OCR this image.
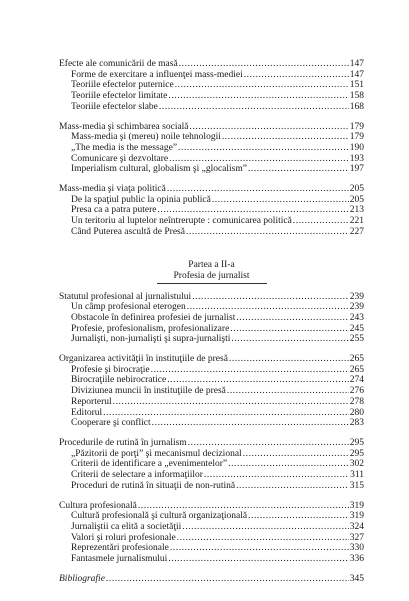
Efecte ale comunicării de masă . . .	147
Forme de exercitare a influenţei mass-mediei . . .	147
Teoriile efectelor puternice . . .	151
Teoriile efectelor limitate . . .	158
Teoriile efectelor slabe . . .	168
Mass-media şi schimbarea socială . . .	179
Mass-media şi (mereu) noile tehnologii . . .	179
„The media is the message” . . .	190
Comunicare şi dezvoltare . . .	193
Imperialism cultural, globalism şi „glocalism” . . .	197
Mass-media şi viaţa politică . . .	205
De la spaţiul public la opinia publică . . .	205
Presa ca a patra putere . . .	213
Un teritoriu al luptelor neîntrerupte : comunicarea politică . . .	221
Când Puterea ascultă de Presă . . .	227
Partea a II-a
Profesia de jurnalist
Statutul profesional al jurnalistului . . .	239
Un câmp profesional eterogen . . .	239
Obstacole în definirea profesiei de jurnalist . . .	243
Profesie, profesionalism, profesionalizare . . .	245
Jurnalişti, non-jurnalişti şi supra-jurnalişti . . .	255
Organizarea activităţii în instituţiile de presă . . .	265
Profesie şi birocraţie . . .	265
Birocraţiile nebirocratice . . .	274
Diviziunea muncii în instituţiile de presă . . .	276
Reporterul . . .	278
Editorul . . .	280
Cooperare şi conflict . . .	283
Procedurile de rutină în jurnalism . . .	295
„Păzitorii de porţi” şi mecanismul decizional . . .	295
Criterii de identificare a „evenimentelor” . . .	302
Criterii de selectare a informaţiilor . . .	311
Proceduri de rutină în situaţii de non-rutină . . .	315
Cultura profesională . . .	319
Cultură profesională şi cultură organizaţională . . .	319
Jurnaliştii ca elită a societăţii . . .	324
Valori şi roluri profesionale . . .	327
Reprezentări profesionale . . .	330
Fantasmele jurnalismului . . .	336
Bibliografie . . .	345
